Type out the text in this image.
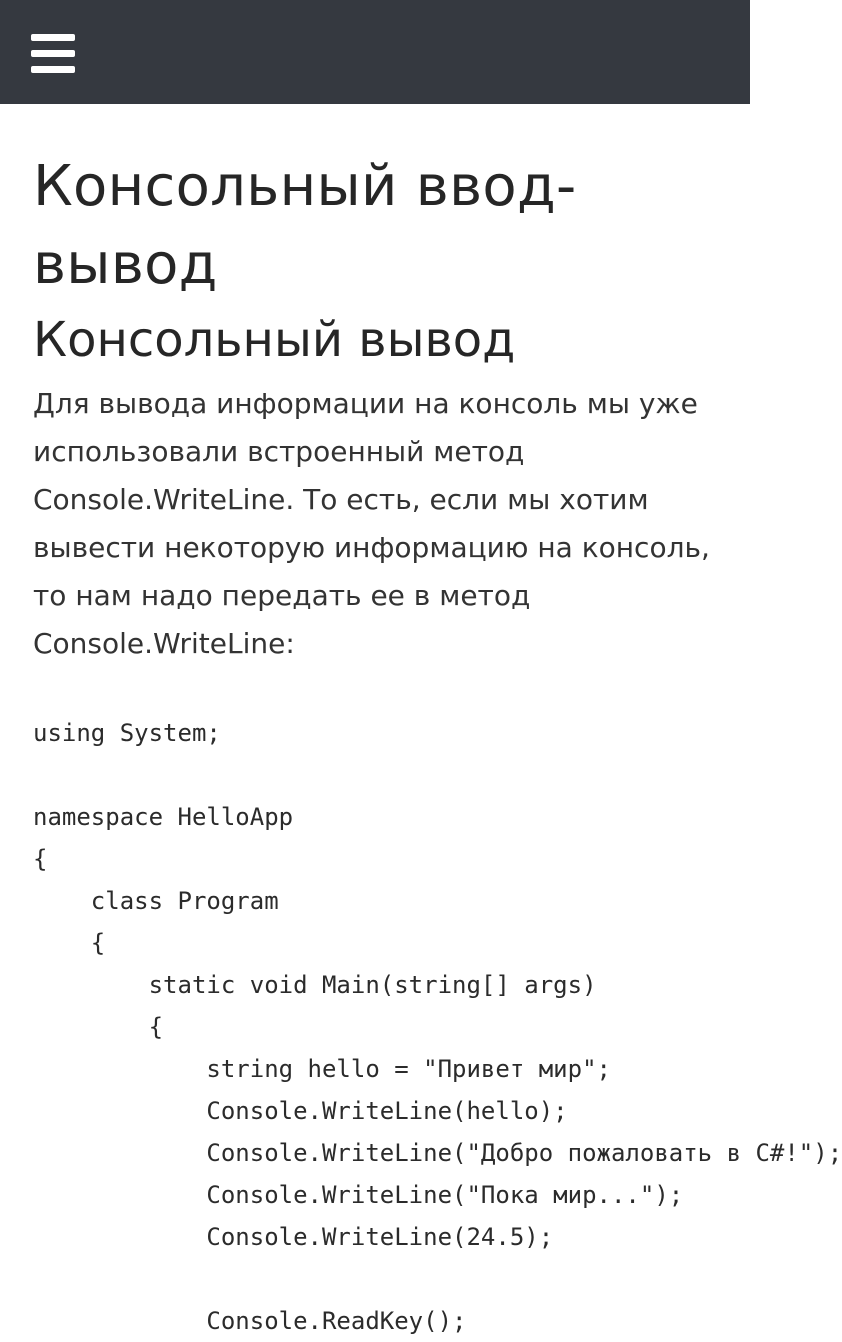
Консольный ввод-вывод
Консольный вывод

Для вывода информации на консоль мы уже использовали встроенный метод Console.WriteLine. То есть, если мы хотим вывести некоторую информацию на консоль, то нам надо передать ее в метод Console.WriteLine:

using System;

namespace HelloApp
{
class Program
{
static void Main(string[] args)
{
string hello = "Привет мир";
Console.WriteLine(hello);
Console.WriteLine("Добро пожаловать в C#!");
Console.WriteLine("Пока мир...");
Console.WriteLine(24.5);

Console.ReadKey();
